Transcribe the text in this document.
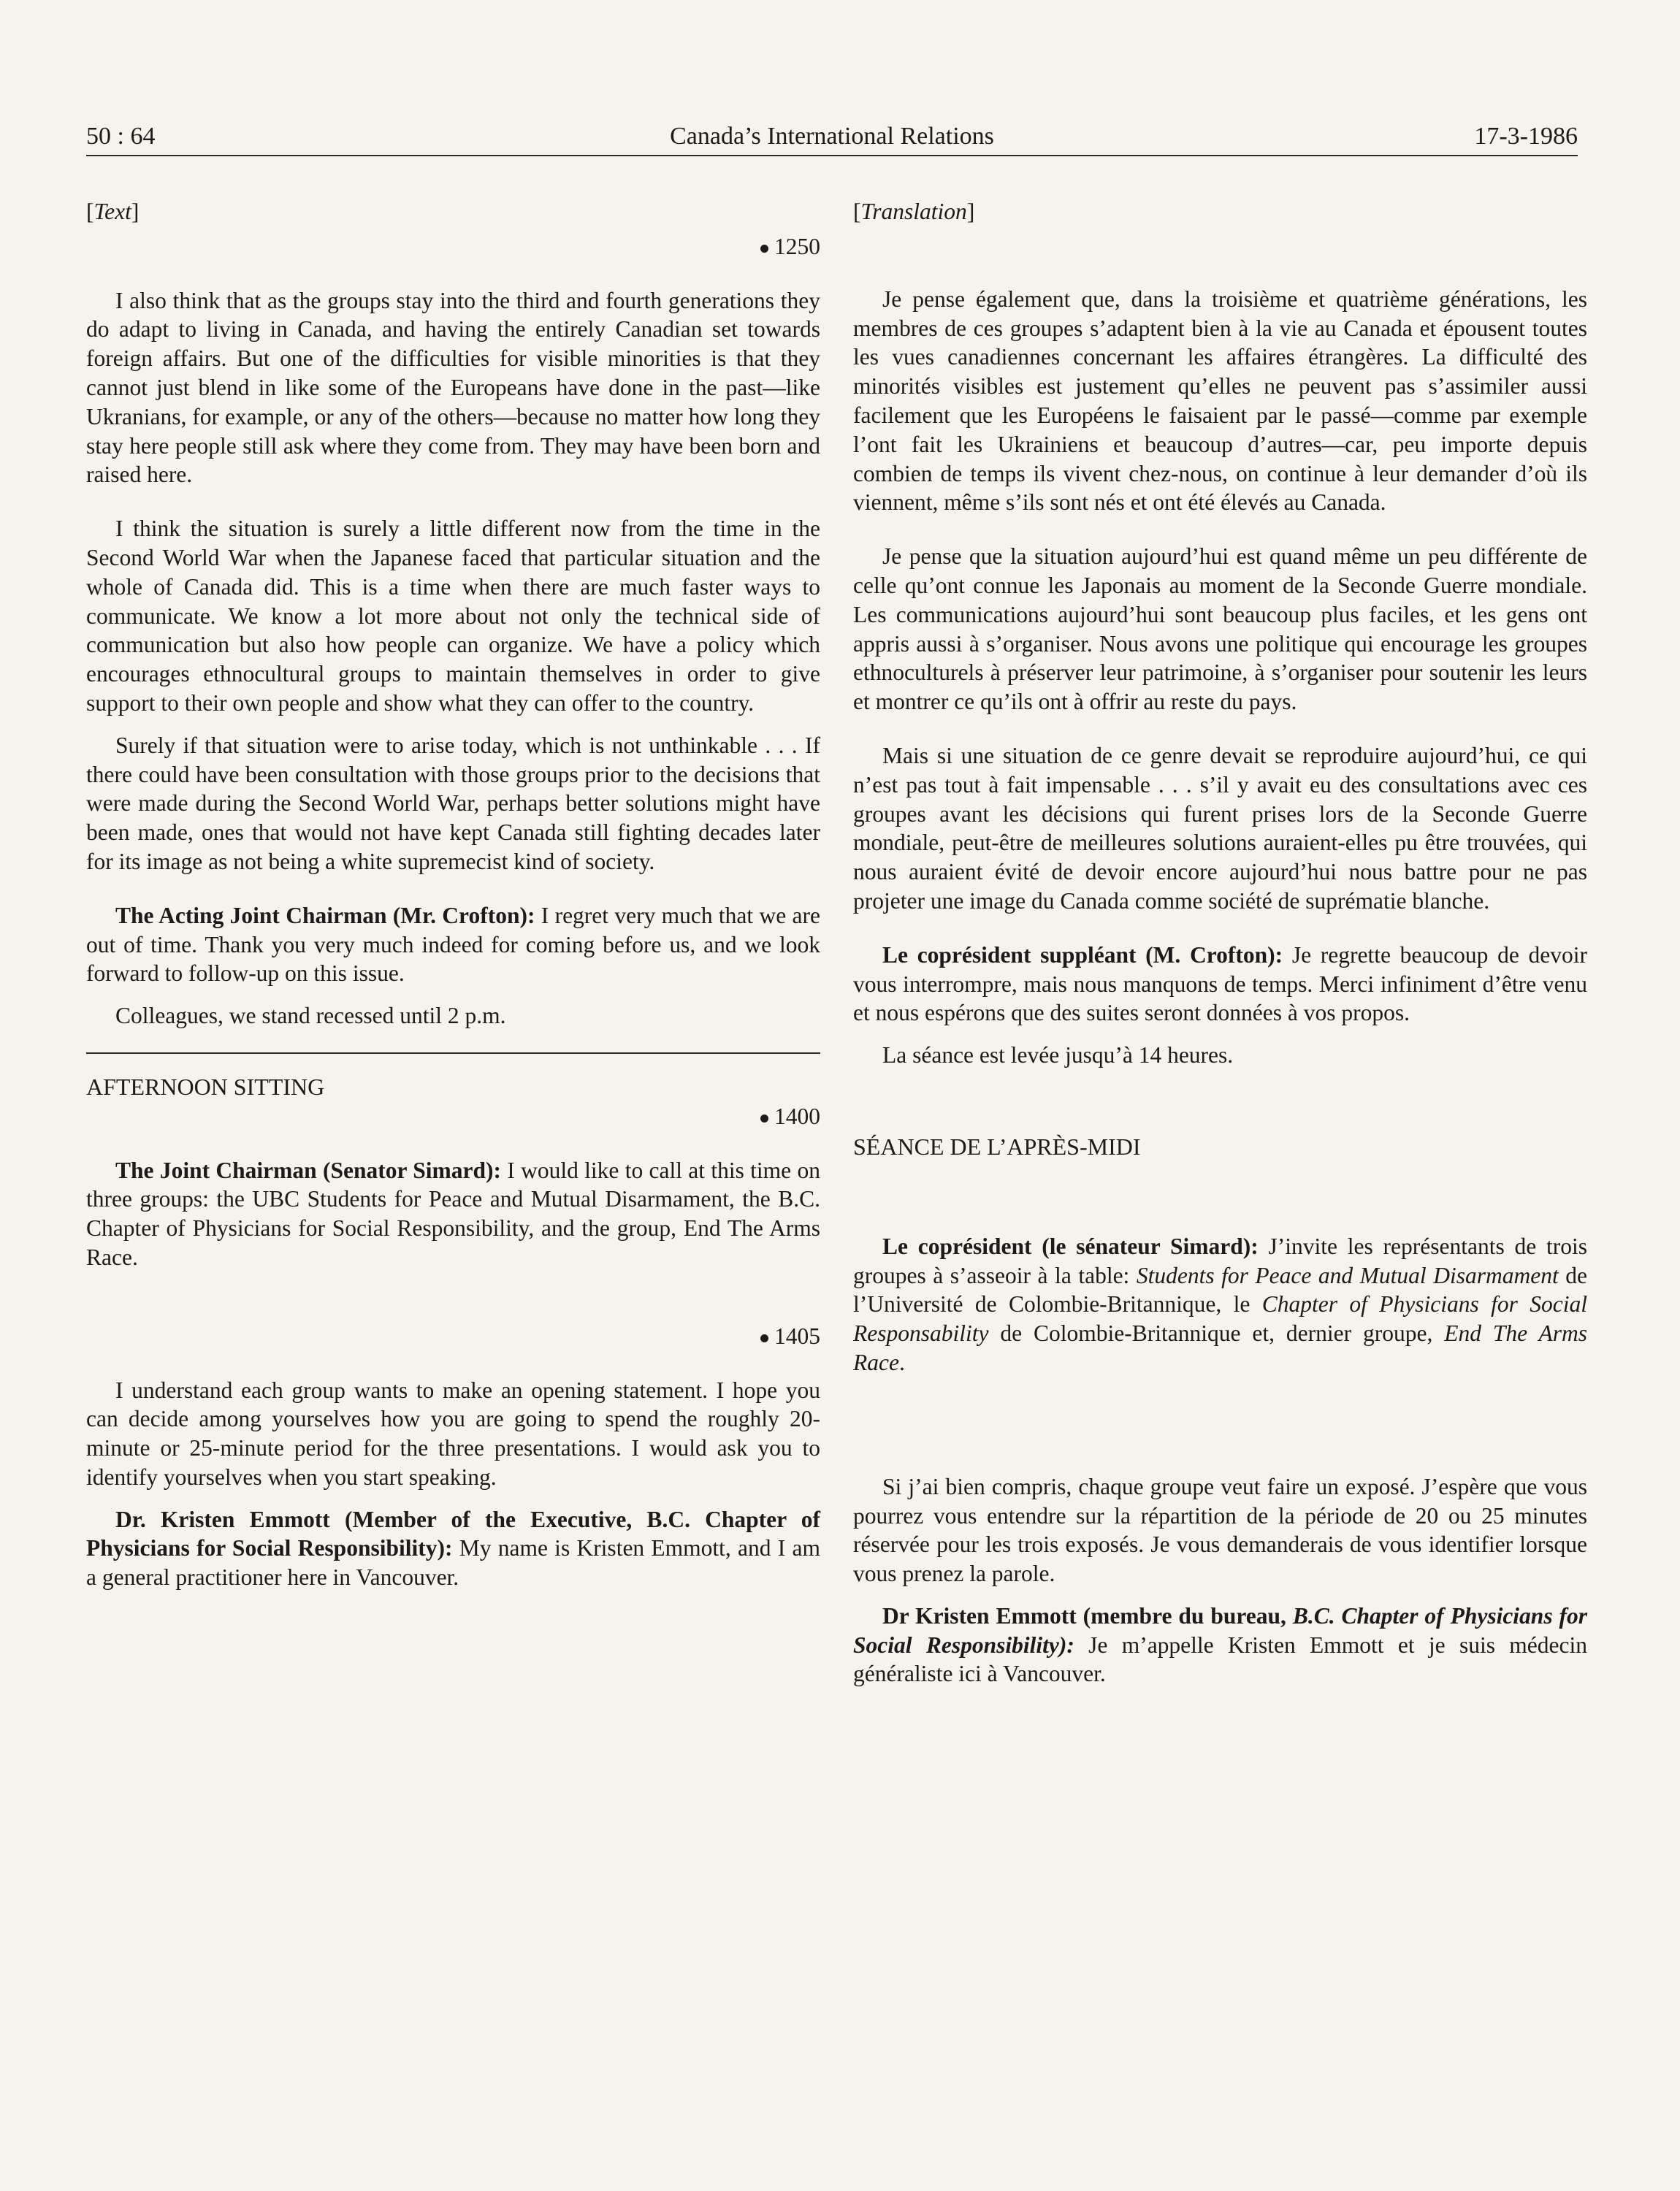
50 : 64	Canada’s International Relations	17-3-1986
[Text]
1250

I also think that as the groups stay into the third and fourth generations they do adapt to living in Canada, and having the entirely Canadian set towards foreign affairs. But one of the difficulties for visible minorities is that they cannot just blend in like some of the Europeans have done in the past—like Ukranians, for example, or any of the others—because no matter how long they stay here people still ask where they come from. They may have been born and raised here.

I think the situation is surely a little different now from the time in the Second World War when the Japanese faced that particular situation and the whole of Canada did. This is a time when there are much faster ways to communicate. We know a lot more about not only the technical side of communication but also how people can organize. We have a policy which encourages ethnocultural groups to maintain themselves in order to give support to their own people and show what they can offer to the country.

Surely if that situation were to arise today, which is not unthinkable . . . If there could have been consultation with those groups prior to the decisions that were made during the Second World War, perhaps better solutions might have been made, ones that would not have kept Canada still fighting decades later for its image as not being a white supremecist kind of society.

The Acting Joint Chairman (Mr. Crofton): I regret very much that we are out of time. Thank you very much indeed for coming before us, and we look forward to follow-up on this issue.

Colleagues, we stand recessed until 2 p.m.

AFTERNOON SITTING

1400

The Joint Chairman (Senator Simard): I would like to call at this time on three groups: the UBC Students for Peace and Mutual Disarmament, the B.C. Chapter of Physicians for Social Responsibility, and the group, End The Arms Race.

1405

I understand each group wants to make an opening statement. I hope you can decide among yourselves how you are going to spend the roughly 20-minute or 25-minute period for the three presentations. I would ask you to identify yourselves when you start speaking.

Dr. Kristen Emmott (Member of the Executive, B.C. Chapter of Physicians for Social Responsibility): My name is Kristen Emmott, and I am a general practitioner here in Vancouver.

[Translation]

Je pense également que, dans la troisième et quatrième générations, les membres de ces groupes s’adaptent bien à la vie au Canada et épousent toutes les vues canadiennes concernant les affaires étrangères. La difficulté des minorités visibles est justement qu’elles ne peuvent pas s’assimiler aussi facilement que les Européens le faisaient par le passé—comme par exemple l’ont fait les Ukrainiens et beaucoup d’autres—car, peu importe depuis combien de temps ils vivent chez-nous, on continue à leur demander d’où ils viennent, même s’ils sont nés et ont été élevés au Canada.

Je pense que la situation aujourd’hui est quand même un peu différente de celle qu’ont connue les Japonais au moment de la Seconde Guerre mondiale. Les communications aujourd’hui sont beaucoup plus faciles, et les gens ont appris aussi à s’organiser. Nous avons une politique qui encourage les groupes ethnoculturels à préserver leur patrimoine, à s’organiser pour soutenir les leurs et montrer ce qu’ils ont à offrir au reste du pays.

Mais si une situation de ce genre devait se reproduire aujourd’hui, ce qui n’est pas tout à fait impensable . . . s’il y avait eu des consultations avec ces groupes avant les décisions qui furent prises lors de la Seconde Guerre mondiale, peut-être de meilleures solutions auraient-elles pu être trouvées, qui nous auraient évité de devoir encore aujourd’hui nous battre pour ne pas projeter une image du Canada comme société de suprématie blanche.

Le coprésident suppléant (M. Crofton): Je regrette beaucoup de devoir vous interrompre, mais nous manquons de temps. Merci infiniment d’être venu et nous espérons que des suites seront données à vos propos.

La séance est levée jusqu’à 14 heures.

SÉANCE DE L’APRÈS-MIDI

Le coprésident (le sénateur Simard): J’invite les représentants de trois groupes à s’asseoir à la table: Students for Peace and Mutual Disarmament de l’Université de Colombie-Britannique, le Chapter of Physicians for Social Responsability de Colombie-Britannique et, dernier groupe, End The Arms Race.

Si j’ai bien compris, chaque groupe veut faire un exposé. J’espère que vous pourrez vous entendre sur la répartition de la période de 20 ou 25 minutes réservée pour les trois exposés. Je vous demanderais de vous identifier lorsque vous prenez la parole.

Dr Kristen Emmott (membre du bureau, B.C. Chapter of Physicians for Social Responsibility): Je m’appelle Kristen Emmott et je suis médecin généraliste ici à Vancouver.
